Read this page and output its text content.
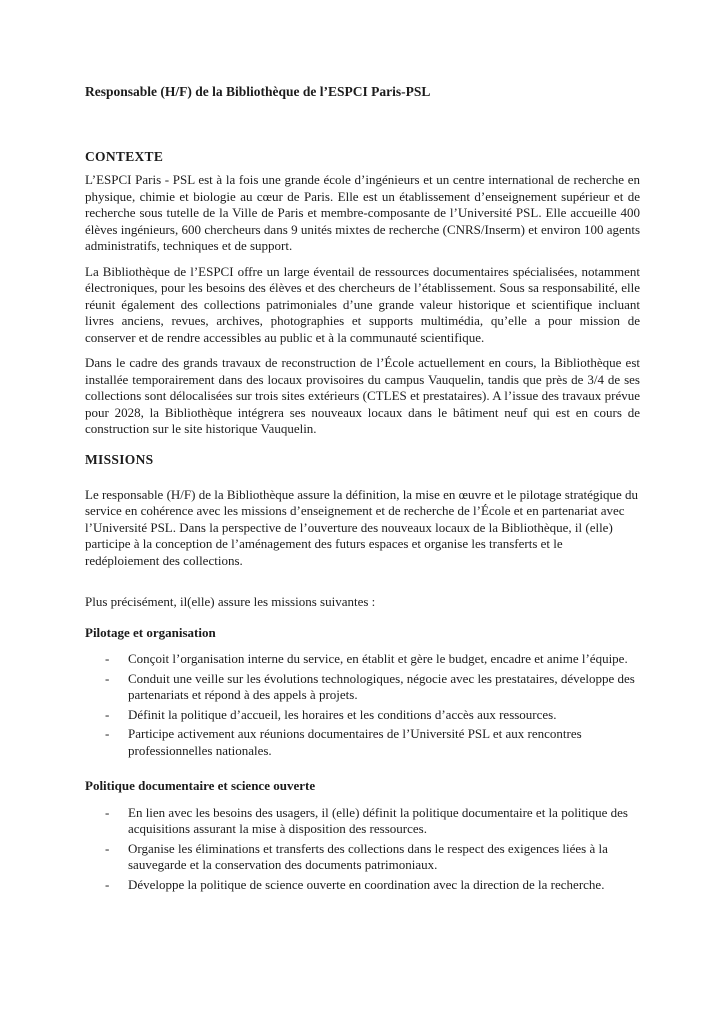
Responsable (H/F) de la Bibliothèque de l’ESPCI Paris-PSL
CONTEXTE

L’ESPCI Paris - PSL est à la fois une grande école d’ingénieurs et un centre international de recherche en physique, chimie et biologie au cœur de Paris. Elle est un établissement d’enseignement supérieur et de recherche sous tutelle de la Ville de Paris et membre-composante de l’Université PSL. Elle accueille 400 élèves ingénieurs, 600 chercheurs dans 9 unités mixtes de recherche (CNRS/Inserm) et environ 100 agents administratifs, techniques et de support.

La Bibliothèque de l’ESPCI offre un large éventail de ressources documentaires spécialisées, notamment électroniques, pour les besoins des élèves et des chercheurs de l’établissement. Sous sa responsabilité, elle réunit également des collections patrimoniales d’une grande valeur historique et scientifique incluant livres anciens, revues, archives, photographies et supports multimédia, qu’elle a pour mission de conserver et de rendre accessibles au public et à la communauté scientifique.

Dans le cadre des grands travaux de reconstruction de l’École actuellement en cours, la Bibliothèque est installée temporairement dans des locaux provisoires du campus Vauquelin, tandis que près de 3/4 de ses collections sont délocalisées sur trois sites extérieurs (CTLES et prestataires). A l’issue des travaux prévue pour 2028, la Bibliothèque intégrera ses nouveaux locaux dans le bâtiment neuf qui est en cours de construction sur le site historique Vauquelin.

MISSIONS

Le responsable (H/F) de la Bibliothèque assure la définition, la mise en œuvre et le pilotage stratégique du service en cohérence avec les missions d’enseignement et de recherche de l’École et en partenariat avec l’Université PSL. Dans la perspective de l’ouverture des nouveaux locaux de la Bibliothèque, il (elle) participe à la conception de l’aménagement des futurs espaces et organise les transferts et le redéploiement des collections.

Plus précisément, il(elle) assure les missions suivantes :

Pilotage et organisation
-	Conçoit l’organisation interne du service, en établit et gère le budget, encadre et anime l’équipe.
-	Conduit une veille sur les évolutions technologiques, négocie avec les prestataires, développe des partenariats et répond à des appels à projets.
-	Définit la politique d’accueil, les horaires et les conditions d’accès aux ressources.
-	Participe activement aux réunions documentaires de l’Université PSL et aux rencontres professionnelles nationales.
Politique documentaire et science ouverte
-	En lien avec les besoins des usagers, il (elle) définit la politique documentaire et la politique des acquisitions assurant la mise à disposition des ressources.
-	Organise les éliminations et transferts des collections dans le respect des exigences liées à la sauvegarde et la conservation des documents patrimoniaux.
-	Développe la politique de science ouverte en coordination avec la direction de la recherche.
